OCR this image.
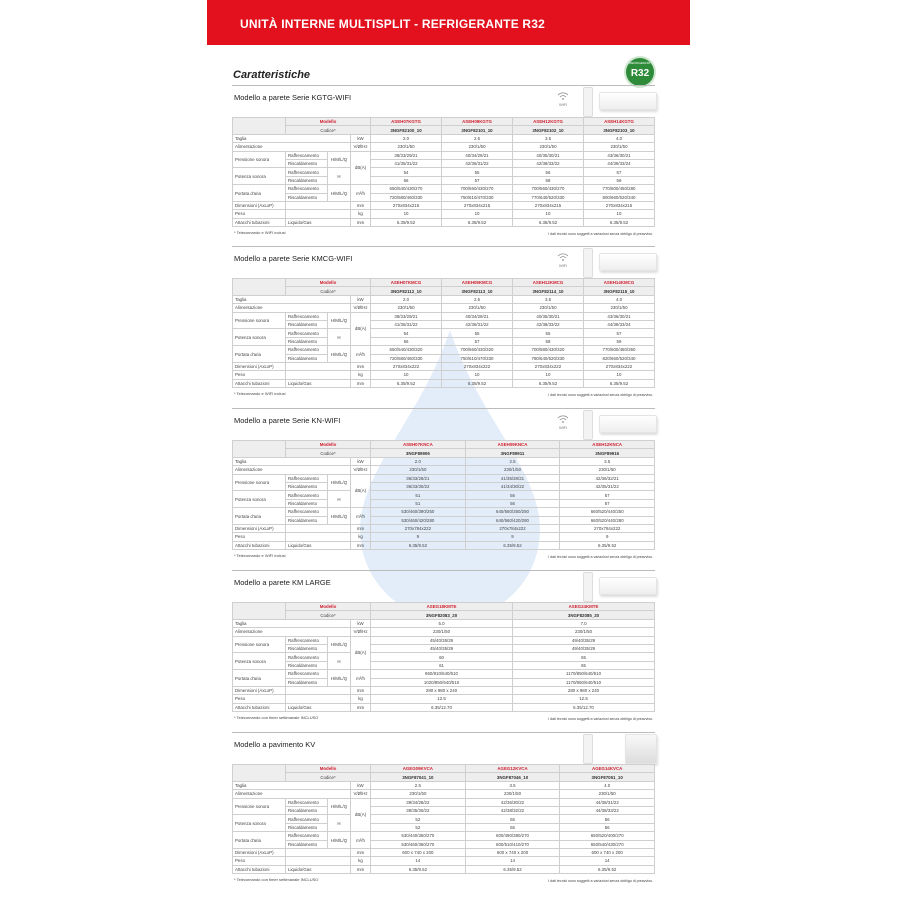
UNITÀ INTERNE MULTISPLIT - REFRIGERANTE R32
Caratteristiche
REFRIGERANT
R32
Modello a parete Serie KGTG-WIFI
WiFi
	Modello			ASEH07KGTG	ASEH09KGTG	ASEH12KGTG	ASEH14KGTG
	Codice*			3NGF82100_10	3NGF82101_10	3NGF82102_10	3NGF82103_10
Taglia			kW	2.0	2.5	3.5	4.0
Alimentazione			V/Ø/Hz	230/1/50	230/1/50	230/1/50	230/1/50
Pressione sonora	Raffrescamento	H/M/L/Q	dB(A)	38/33/29/21	40/34/29/21	40/35/30/21	43/36/30/21
	Riscaldamento			41/35/31/22	42/36/31/22	42/38/33/22	44/39/33/24
Potenza sonora	Raffrescamento	H		54	55	56	57
	Riscaldamento			56	57	58	59
Portata d'aria	Raffrescamento	H/M/L/Q	m³/h	650/540/430/270	700/560/430/270	700/560/430/270	770/600/450/280
	Riscaldamento			720/580/460/330	750/610/470/330	770/640/520/330	800/660/520/340
Dimensioni (AxLxP)			mm	270x834x215	270x834x215	270x834x215	270x834x215
Peso			kg	10	10	10	10
Attacchi tubazioni	Liquido/Gas		mm	6.35/9.52	6.35/9.52	6.35/9.52	6.35/9.52
* Telecomando e WIFI inclusi	I dati tecnici sono soggetti a variazioni senza obbligo di preavviso.
Modello a parete Serie KMCG-WIFI
WiFi
	Modello			ASEH07KMCG	ASEH09KMCG	ASEH12KMCG	ASEH14KMCG
	Codice*			3NGF82112_10	3NGF82113_10	3NGF82114_10	3NGF82115_10
Taglia			kW	2.0	2.5	3.5	4.0
Alimentazione			V/Ø/Hz	230/1/50	230/1/50	230/1/50	230/1/50
Pressione sonora	Raffrescamento	H/M/L/Q	dB(A)	38/33/29/21	40/34/29/21	40/35/30/21	43/36/30/21
	Riscaldamento			41/35/31/22	42/36/31/22	42/38/33/22	44/39/33/24
Potenza sonora	Raffrescamento	H		54	55	55	57
	Riscaldamento			56	57	58	59
Portata d'aria	Raffrescamento	H/M/L/Q	m³/h	650/540/430/320	700/560/430/320	700/580/430/320	770/600/450/350
	Riscaldamento			720/580/460/330	750/610/470/330	780/640/520/330	820/660/520/340
Dimensioni (AxLxP)			mm	270x834x222	270x834x222	270x834x222	270x834x222
Peso			kg	10	10	10	10
Attacchi tubazioni	Liquido/Gas		mm	6.35/9.52	6.35/9.52	6.35/9.52	6.35/9.52
* Telecomando e WIFI inclusi	I dati tecnici sono soggetti a variazioni senza obbligo di preavviso.
Modello a parete Serie KN-WIFI
WiFi
	Modello			ASEH07KNCA	ASEH09KNCA	ASEH12KNCA
	Codice*			3NGF89906	3NGF89911	3NGF89916
Taglia			kW	2.0	2.5	3.5
Alimentazione			V/Ø/Hz	230/1/50	230/1/50	230/1/50
Pressione sonora	Raffrescamento	H/M/L/Q	dB(A)	36/33/28/21	41/35/28/21	42/36/32/21
	Riscaldamento			36/33/30/22	41/34/30/22	42/35/31/22
Potenza sonora	Raffrescamento	H		51	56	57
	Riscaldamento			51	56	57
Portata d'aria	Raffrescamento	H/M/L/Q	m³/h	530/460/390/250	640/560/350/250	660/520/440/250
	Riscaldamento			530/460/420/280	640/560/420/280	660/520/440/280
Dimensioni (AxLxP)			mm	270x784x222	270x784x222	270x784x222
Peso			kg	9	9	9
Attacchi tubazioni	Liquido/Gas		mm	6.35/9.52	6.35/9.52	6.35/9.52
* Telecomando e WIFI inclusi	I dati tecnici sono soggetti a variazioni senza obbligo di preavviso.
Modello a parete KM LARGE
	Modello			ASEG18KMTE	ASEG24KMTE
	Codice*			3NGF82083_20	3NGF82085_20
Taglia			kW	5.0	7.0
Alimentazione			V/Ø/Hz	230/1/50	230/1/50
Pressione sonora	Raffrescamento	H/M/L/Q	dB(A)	45/40/35/29	49/40/35/29
	Riscaldamento			45/40/35/29	49/40/35/29
Potenza sonora	Raffrescamento	H		60	65
	Riscaldamento			61	65
Portata d'aria	Raffrescamento	H/M/L/Q	m³/h	960/810/640/510	1170/850/640/510
	Riscaldamento			1020/850/640/510	1170/850/640/510
Dimensioni (AxLxP)			mm	280 x 980 x 240	280 x 980 x 240
Peso			kg	12.5	12.5
Attacchi tubazioni	Liquido/Gas		mm	6.35/12.70	6.35/12.70
* Telecomando con timer settimanale INCLUSO	I dati tecnici sono soggetti a variazioni senza obbligo di preavviso.
Modello a pavimento KV
	Modello			AGEG09KVCA	AGEG12KVCA	AGEG14KVCA
	Codice*			3NGF87041_10	3NGF87046_10	3NGF87051_10
Taglia			kW	2.5	3.5	4.0
Alimentazione			V/Ø/Hz	230/1/50	230/1/50	230/1/50
Pressione sonora	Raffrescamento	H/M/L/Q	dB(A)	39/34/28/22	42/36/30/22	44/38/31/22
	Riscaldamento			39/35/30/22	42/38/32/22	44/38/33/22
Potenza sonora	Raffrescamento	H		52	55	56
	Riscaldamento			52	55	56
Portata d'aria	Raffrescamento	H/M/L/Q	m³/h	530/440/360/270	600/490/380/270	650/520/400/270
	Riscaldamento			530/460/360/270	600/510/410/270	650/540/430/270
Dimensioni (AxLxP)			mm	600 x 740 x 200	600 x 740 x 200	600 x 740 x 200
Peso			kg	14	14	14
Attacchi tubazioni	Liquido/Gas		mm	6.35/9.52	6.35/9.52	6.35/9.52
* Telecomando con timer settimanale INCLUSO	I dati tecnici sono soggetti a variazioni senza obbligo di preavviso.
